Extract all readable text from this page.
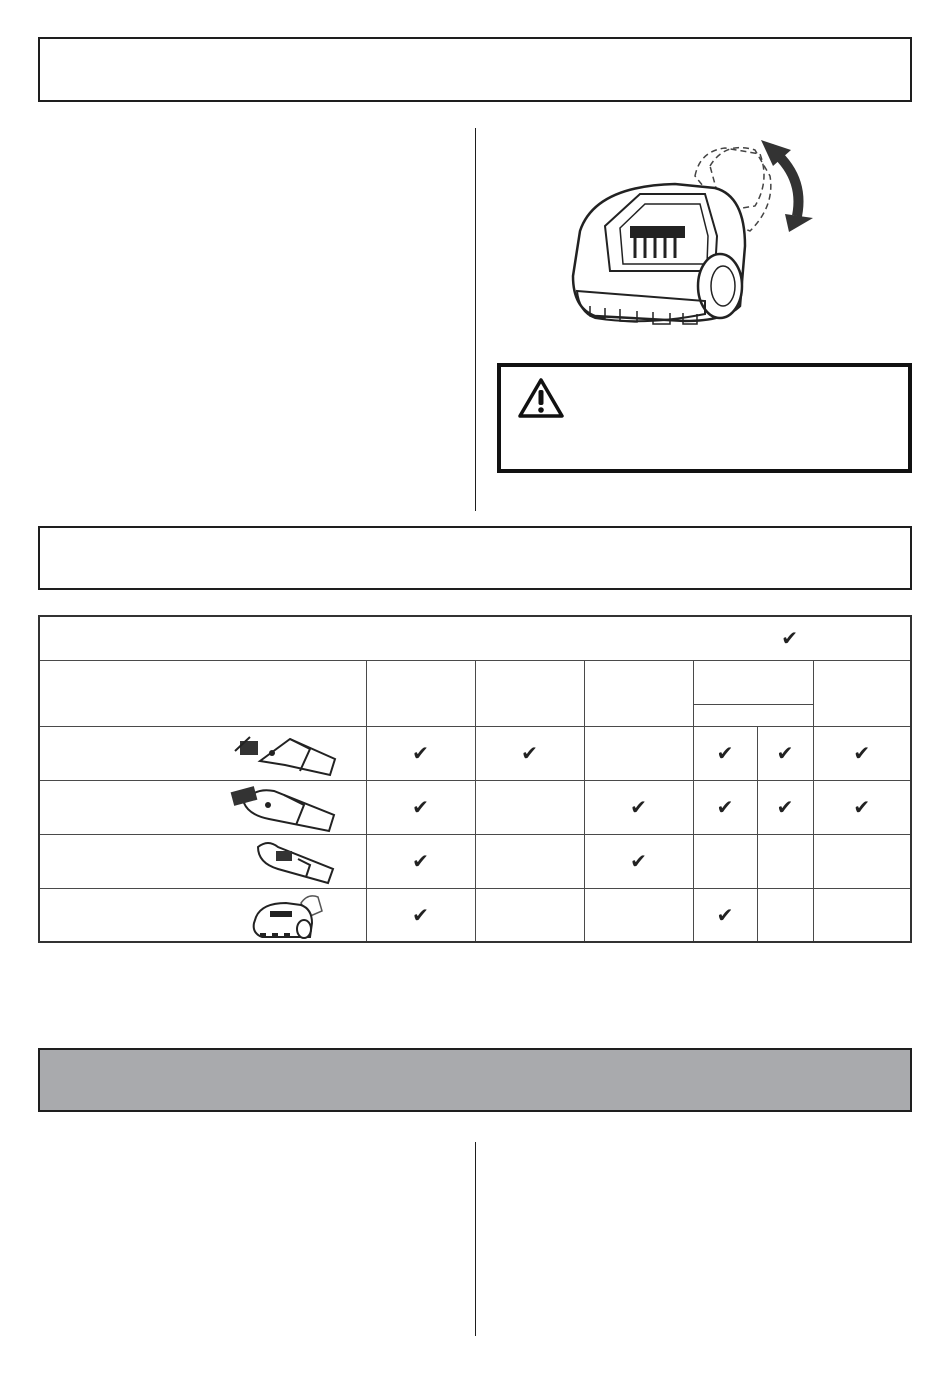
✔						

	✔	✔		✔	✔	✔

	✔		✔	✔	✔	✔

	✔		✔			

	✔			✔		
